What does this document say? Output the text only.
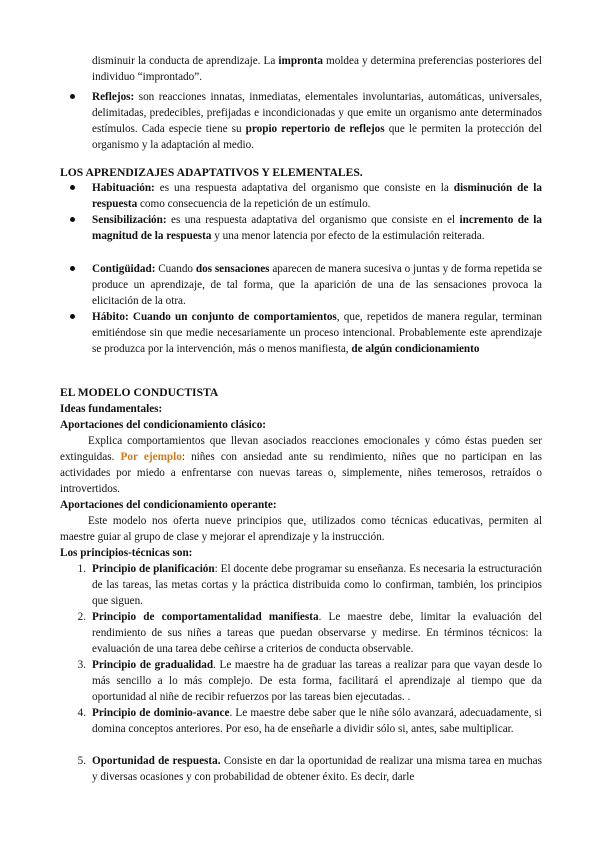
disminuir la conducta de aprendizaje. La impronta moldea y determina preferencias posteriores del individuo “improntado”.
Reflejos: son reacciones innatas, inmediatas, elementales involuntarias, automáticas, universales, delimitadas, predecibles, prefijadas e incondicionadas y que emite un organismo ante determinados estímulos. Cada especie tiene su propio repertorio de reflejos que le permiten la protección del organismo y la adaptación al medio.
LOS APRENDIZAJES ADAPTATIVOS Y ELEMENTALES.
Habituación: es una respuesta adaptativa del organismo que consiste en la disminución de la respuesta como consecuencia de la repetición de un estímulo.
Sensibilización: es una respuesta adaptativa del organismo que consiste en el incremento de la magnitud de la respuesta y una menor latencia por efecto de la estimulación reiterada.
Contigüidad: Cuando dos sensaciones aparecen de manera sucesiva o juntas y de forma repetida se produce un aprendizaje, de tal forma, que la aparición de una de las sensaciones provoca la elicitación de la otra.
Hábito: Cuando un conjunto de comportamientos, que, repetidos de manera regular, terminan emitiéndose sin que medie necesariamente un proceso intencional. Probablemente este aprendizaje se produzca por la intervención, más o menos manifiesta, de algún condicionamiento
EL MODELO CONDUCTISTA
Ideas fundamentales:
Aportaciones del condicionamiento clásico:
Explica comportamientos que llevan asociados reacciones emocionales y cómo éstas pueden ser extinguidas. Por ejemplo: niñes con ansiedad ante su rendimiento, niñes que no participan en las actividades por miedo a enfrentarse con nuevas tareas o, simplemente, niñes temerosos, retraídos o introvertidos.
Aportaciones del condicionamiento operante:
Este modelo nos oferta nueve principios que, utilizados como técnicas educativas, permiten al maestre guiar al grupo de clase y mejorar el aprendizaje y la instrucción.
Los principios-técnicas son:
1. Principio de planificación: El docente debe programar su enseñanza. Es necesaria la estructuración de las tareas, las metas cortas y la práctica distribuida como lo confirman, también, los principios que siguen.
2. Principio de comportamentalidad manifiesta. Le maestre debe, limitar la evaluación del rendimiento de sus niñes a tareas que puedan observarse y medirse. En términos técnicos: la evaluación de una tarea debe ceñirse a criterios de conducta observable.
3. Principio de gradualidad. Le maestre ha de graduar las tareas a realizar para que vayan desde lo más sencillo a lo más complejo. De esta forma, facilitará el aprendizaje al tiempo que da oportunidad al niñe de recibir refuerzos por las tareas bien ejecutadas. .
4. Principio de dominio-avance. Le maestre debe saber que le niñe sólo avanzará, adecuadamente, si domina conceptos anteriores. Por eso, ha de enseñarle a dividir sólo si, antes, sabe multiplicar.
5. Oportunidad de respuesta. Consiste en dar la oportunidad de realizar una misma tarea en muchas y diversas ocasiones y con probabilidad de obtener éxito. Es decir, darle
